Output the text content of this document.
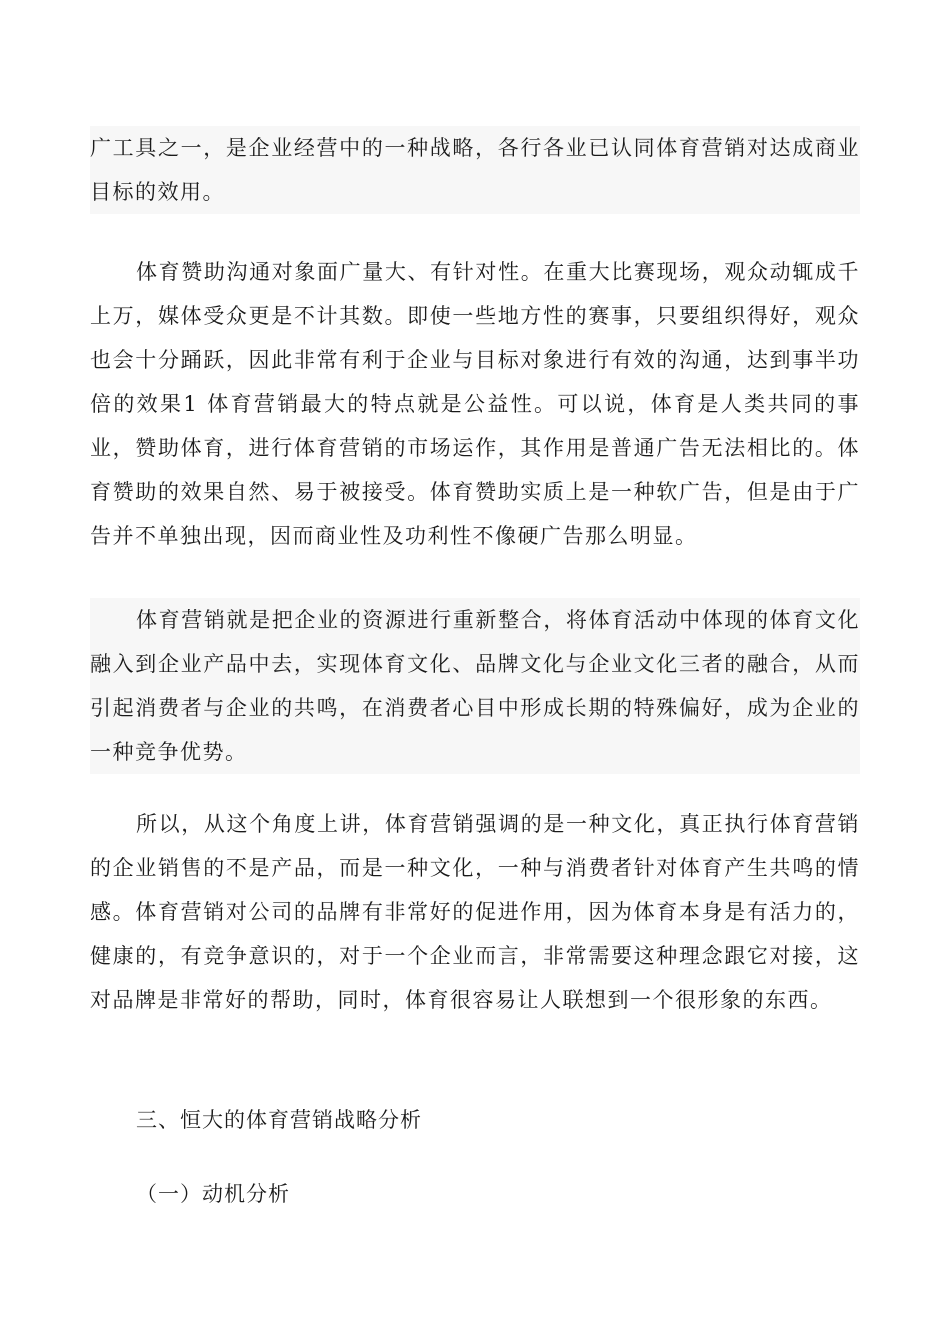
广工具之一，是企业经营中的一种战略，各行各业已认同体育营销对达成商业目标的效用。

体育赞助沟通对象面广量大、有针对性。在重大比赛现场，观众动辄成千上万，媒体受众更是不计其数。即使一些地方性的赛事，只要组织得好，观众也会十分踊跃，因此非常有利于企业与目标对象进行有效的沟通，达到事半功倍的效果1 体育营销最大的特点就是公益性。可以说，体育是人类共同的事业，赞助体育，进行体育营销的市场运作，其作用是普通广告无法相比的。体育赞助的效果自然、易于被接受。体育赞助实质上是一种软广告，但是由于广告并不单独出现，因而商业性及功利性不像硬广告那么明显。

体育营销就是把企业的资源进行重新整合，将体育活动中体现的体育文化融入到企业产品中去，实现体育文化、品牌文化与企业文化三者的融合，从而引起消费者与企业的共鸣，在消费者心目中形成长期的特殊偏好，成为企业的一种竞争优势。

所以，从这个角度上讲，体育营销强调的是一种文化，真正执行体育营销的企业销售的不是产品，而是一种文化，一种与消费者针对体育产生共鸣的情感。体育营销对公司的品牌有非常好的促进作用，因为体育本身是有活力的，健康的，有竞争意识的，对于一个企业而言，非常需要这种理念跟它对接，这对品牌是非常好的帮助，同时，体育很容易让人联想到一个很形象的东西。

三、恒大的体育营销战略分析
（一）动机分析
